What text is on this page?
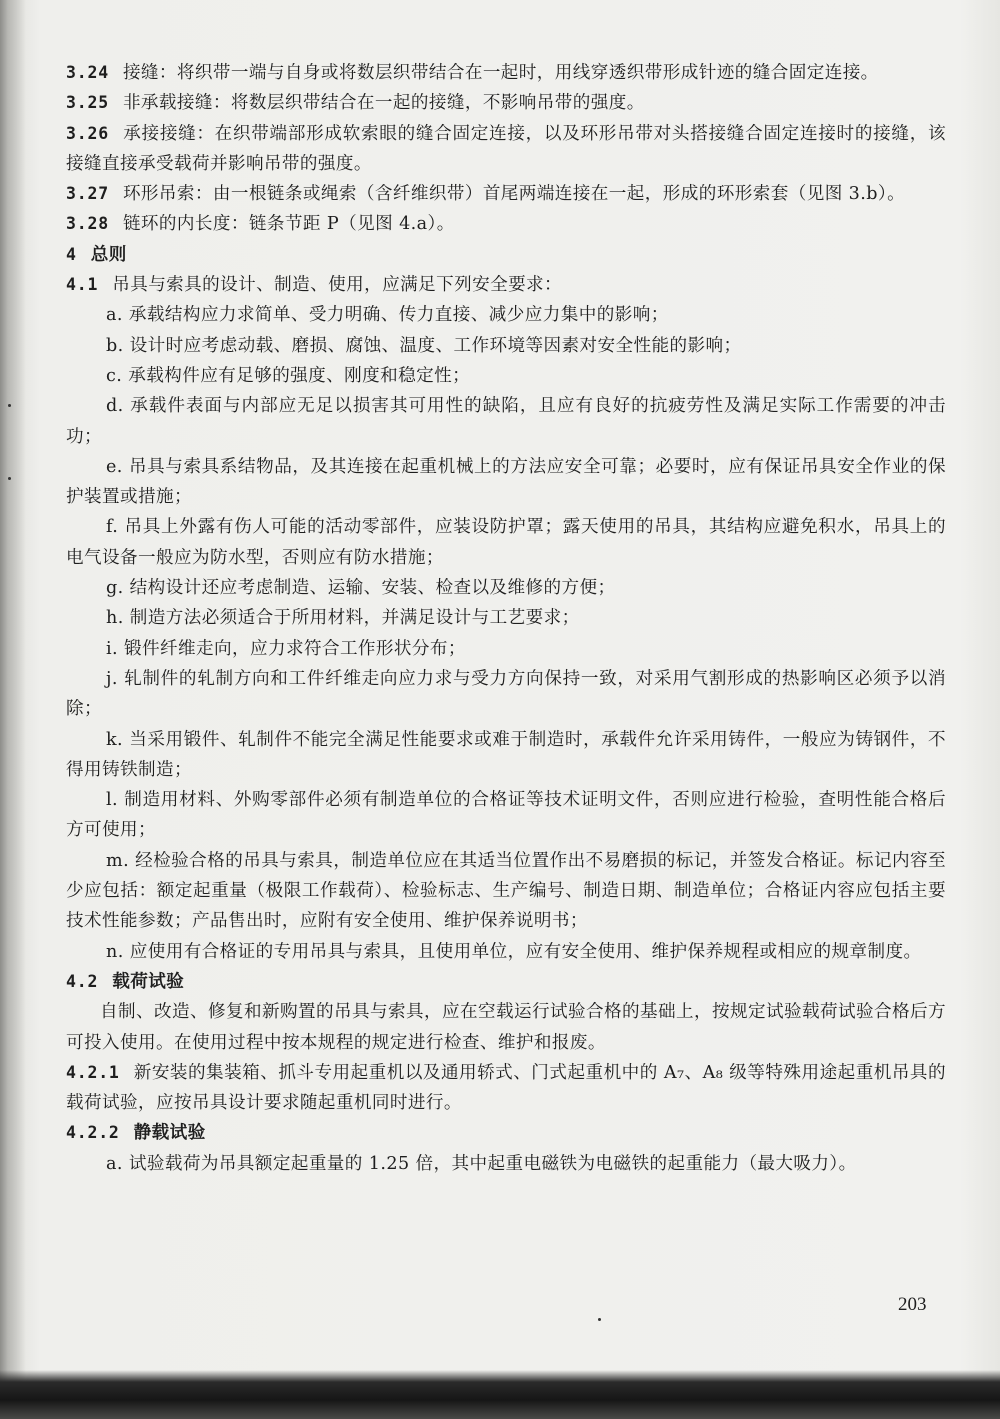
3.24 接缝：将织带一端与自身或将数层织带结合在一起时，用线穿透织带形成针迹的缝合固定连接。

3.25 非承载接缝：将数层织带结合在一起的接缝，不影响吊带的强度。

3.26 承接接缝：在织带端部形成软索眼的缝合固定连接，以及环形吊带对头搭接缝合固定连接时的接缝，该接缝直接承受载荷并影响吊带的强度。

3.27 环形吊索：由一根链条或绳索（含纤维织带）首尾两端连接在一起，形成的环形索套（见图 3.b）。

3.28 链环的内长度：链条节距 P（见图 4.a）。

4 总则

4.1 吊具与索具的设计、制造、使用，应满足下列安全要求：

a. 承载结构应力求简单、受力明确、传力直接、减少应力集中的影响；

b. 设计时应考虑动载、磨损、腐蚀、温度、工作环境等因素对安全性能的影响；

c. 承载构件应有足够的强度、刚度和稳定性；

d. 承载件表面与内部应无足以损害其可用性的缺陷，且应有良好的抗疲劳性及满足实际工作需要的冲击功；

e. 吊具与索具系结物品，及其连接在起重机械上的方法应安全可靠；必要时，应有保证吊具安全作业的保护装置或措施；

f. 吊具上外露有伤人可能的活动零部件，应装设防护罩；露天使用的吊具，其结构应避免积水，吊具上的电气设备一般应为防水型，否则应有防水措施；

g. 结构设计还应考虑制造、运输、安装、检查以及维修的方便；

h. 制造方法必须适合于所用材料，并满足设计与工艺要求；

i. 锻件纤维走向，应力求符合工作形状分布；

j. 轧制件的轧制方向和工件纤维走向应力求与受力方向保持一致，对采用气割形成的热影响区必须予以消除；

k. 当采用锻件、轧制件不能完全满足性能要求或难于制造时，承载件允许采用铸件，一般应为铸钢件，不得用铸铁制造；

l. 制造用材料、外购零部件必须有制造单位的合格证等技术证明文件，否则应进行检验，查明性能合格后方可使用；

m. 经检验合格的吊具与索具，制造单位应在其适当位置作出不易磨损的标记，并签发合格证。标记内容至少应包括：额定起重量（极限工作载荷）、检验标志、生产编号、制造日期、制造单位；合格证内容应包括主要技术性能参数；产品售出时，应附有安全使用、维护保养说明书；

n. 应使用有合格证的专用吊具与索具，且使用单位，应有安全使用、维护保养规程或相应的规章制度。

4.2 载荷试验

自制、改造、修复和新购置的吊具与索具，应在空载运行试验合格的基础上，按规定试验载荷试验合格后方可投入使用。在使用过程中按本规程的规定进行检查、维护和报废。

4.2.1 新安装的集装箱、抓斗专用起重机以及通用轿式、门式起重机中的 A₇、A₈ 级等特殊用途起重机吊具的载荷试验，应按吊具设计要求随起重机同时进行。

4.2.2 静载试验

a. 试验载荷为吊具额定起重量的 1.25 倍，其中起重电磁铁为电磁铁的起重能力（最大吸力）。

203
